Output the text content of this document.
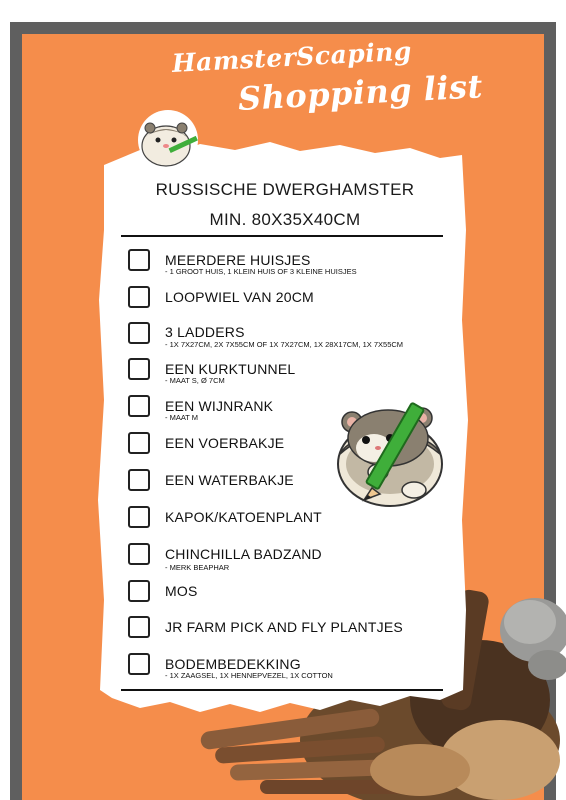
HamsterScaping
Shopping list
RUSSISCHE DWERGHAMSTER
MIN. 80X35X40CM
MEERDERE HUISJES
- 1 GROOT HUIS, 1 KLEIN HUIS OF 3 KLEINE HUISJES
LOOPWIEL VAN 20CM
3 LADDERS
- 1X 7X27CM, 2X 7X55CM OF 1X 7X27CM, 1X 28X17CM, 1X 7X55CM
EEN KURKTUNNEL
- MAAT S, Ø 7CM
EEN WIJNRANK
- MAAT M
EEN VOERBAKJE
EEN WATERBAKJE
KAPOK/KATOENPLANT
CHINCHILLA BADZAND
- MERK BEAPHAR
MOS
JR FARM PICK AND FLY PLANTJES
BODEMBEDEKKING
- 1X ZAAGSEL, 1X HENNEPVEZEL, 1X COTTON
